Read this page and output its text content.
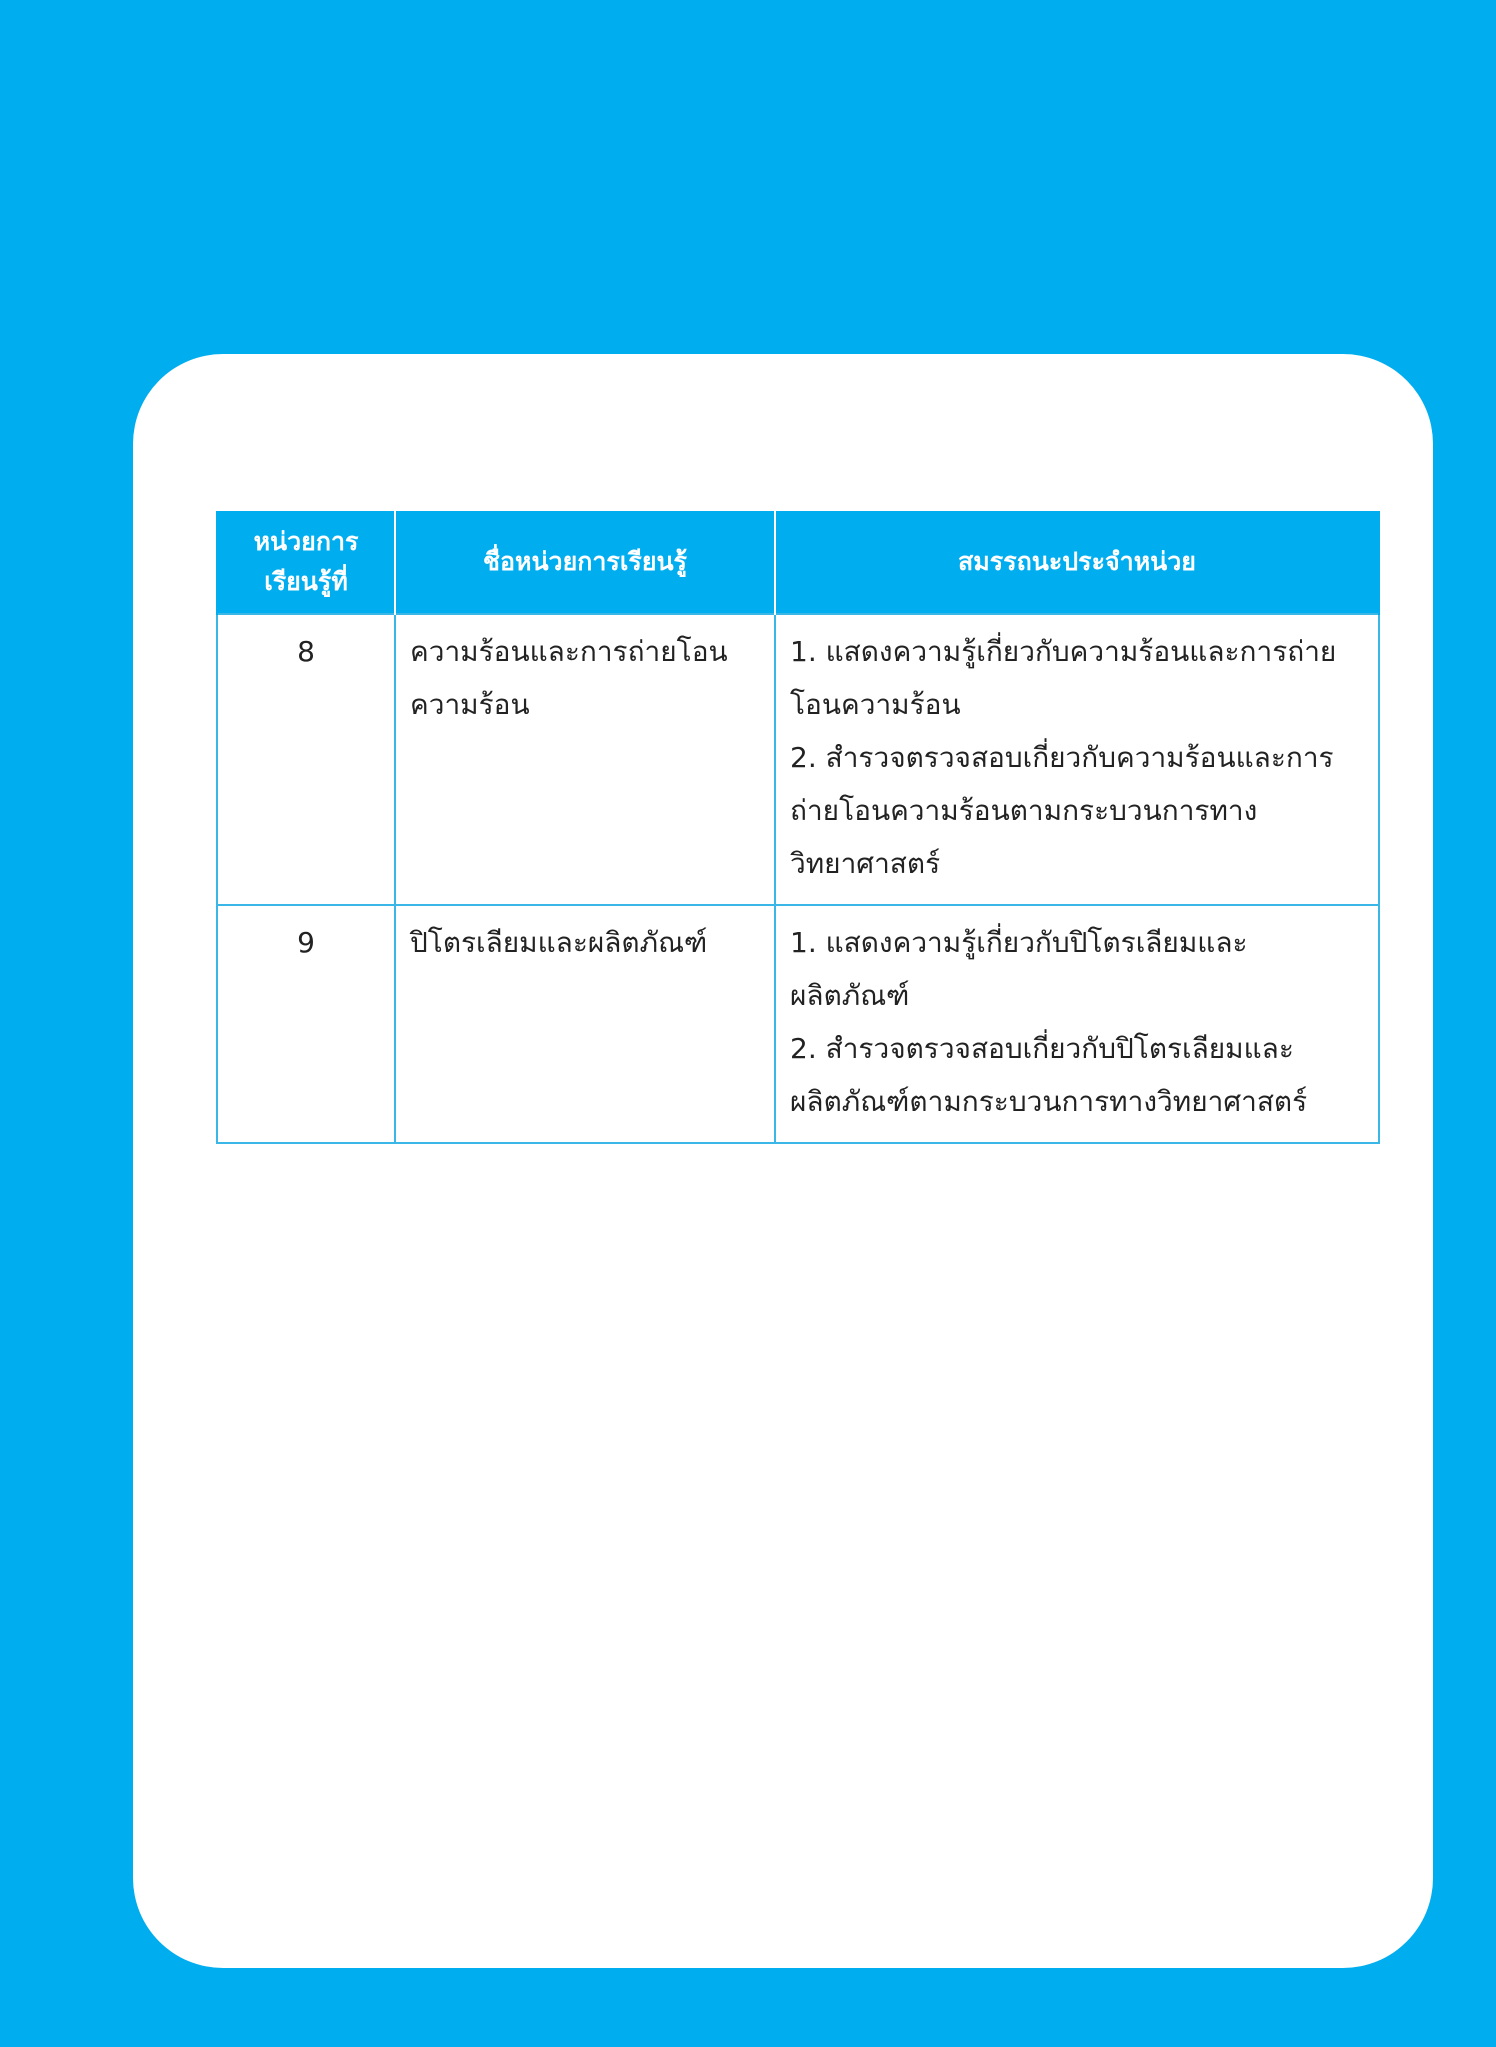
หน่วยการเรียนรู้ที่	ชื่อหน่วยการเรียนรู้	สมรรถนะประจำหน่วย
8	ความร้อนและการถ่ายโอนความร้อน	1. แสดงความรู้เกี่ยวกับความร้อนและการถ่ายโอนความร้อน
2. สำรวจตรวจสอบเกี่ยวกับความร้อนและการถ่ายโอนความร้อนตามกระบวนการทางวิทยาศาสตร์

9	ปิโตรเลียมและผลิตภัณฑ์	1. แสดงความรู้เกี่ยวกับปิโตรเลียมและผลิตภัณฑ์
2. สำรวจตรวจสอบเกี่ยวกับปิโตรเลียมและผลิตภัณฑ์ตามกระบวนการทางวิทยาศาสตร์
